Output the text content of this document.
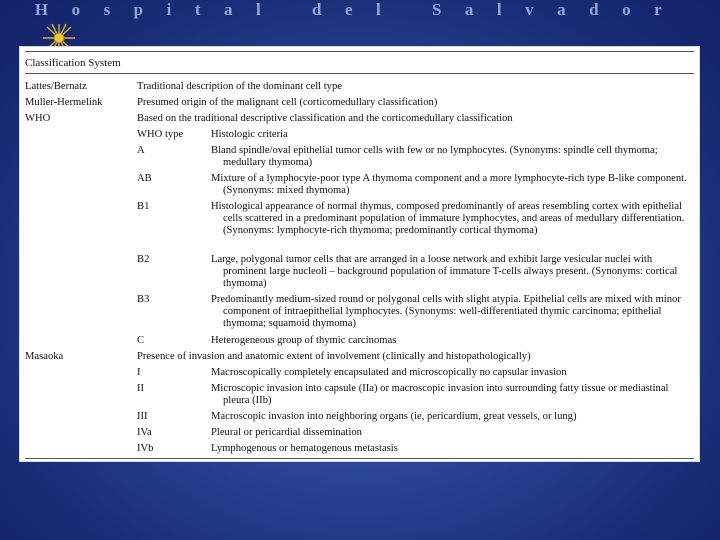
Hospital del Salvador
Classification System
Lattes/Bernatz	Traditional description of the dominant cell type
Muller-Hermelink	Presumed origin of the malignant cell (corticomedullary classification)
WHO	Based on the traditional descriptive classification and the corticomedullary classification
WHO type	Histologic criteria
A	Bland spindle/oval epithelial tumor cells with few or no lymphocytes. (Synonyms: spindle cell thymoma; medullary thymoma)
AB	Mixture of a lymphocyte-poor type A thymoma component and a more lymphocyte-rich type B-like component. (Synonyms: mixed thymoma)
B1	Histological appearance of normal thymus, composed predominantly of areas resembling cortex with epithelial cells scattered in a predominant population of immature lymphocytes, and areas of medullary differentiation. (Synonyms: lymphocyte-rich thymoma; predominantly cortical thymoma)
B2	Large, polygonal tumor cells that are arranged in a loose network and exhibit large vesicular nuclei with prominent large nucleoli – background population of immature T-cells always present. (Synonyms: cortical thymoma)
B3	Predominantly medium-sized round or polygonal cells with slight atypia. Epithelial cells are mixed with minor component of intraepithelial lymphocytes. (Synonyms: well-differentiated thymic carcinoma; epithelial thymoma; squamoid thymoma)
C	Heterogeneous group of thymic carcinomas
Masaoka	Presence of invasion and anatomic extent of involvement (clinically and histopathologically)
I	Macroscopically completely encapsulated and microscopically no capsular invasion
II	Microscopic invasion into capsule (IIa) or macroscopic invasion into surrounding fatty tissue or mediastinal pleura (IIb)
III	Macroscopic invasion into neighboring organs (ie, pericardium, great vessels, or lung)
IVa	Pleural or pericardial dissemination
IVb	Lymphogenous or hematogenous metastasis
